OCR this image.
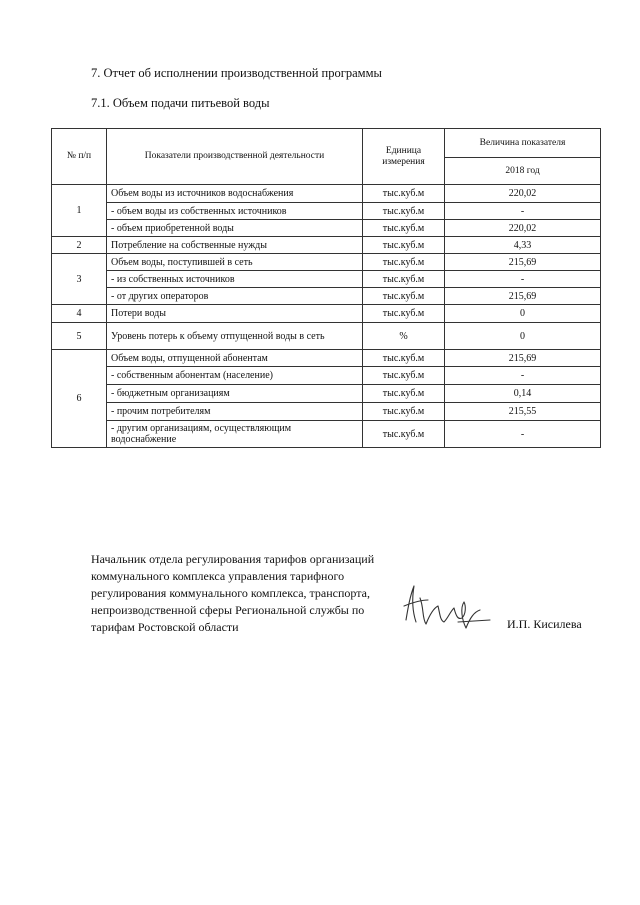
7. Отчет об исполнении производственной программы
7.1. Объем подачи питьевой воды
№ п/п	Показатели производственной деятельности	Единица измерения	Величина показателя
			2018 год
1	Объем воды из источников водоснабжения	тыс.куб.м	220,02
	- объем воды из собственных источников	тыс.куб.м	-
	- объем приобретенной воды	тыс.куб.м	220,02
2	Потребление на собственные нужды	тыс.куб.м	4,33
3	Объем воды, поступившей в сеть	тыс.куб.м	215,69
	- из собственных источников	тыс.куб.м	-
	- от других операторов	тыс.куб.м	215,69
4	Потери воды	тыс.куб.м	0
5	Уровень потерь к объему отпущенной воды в сеть	%	0
6	Объем воды, отпущенной абонентам	тыс.куб.м	215,69
	- собственным абонентам (население)	тыс.куб.м	-
	- бюджетным организациям	тыс.куб.м	0,14
	- прочим потребителям	тыс.куб.м	215,55
	- другим организациям, осуществляющим водоснабжение	тыс.куб.м	-
Начальник отдела регулирования тарифов организаций коммунального комплекса управления тарифного регулирования коммунального комплекса, транспорта, непроизводственной сферы Региональной службы по тарифам Ростовской области	И.П. Кисилева
